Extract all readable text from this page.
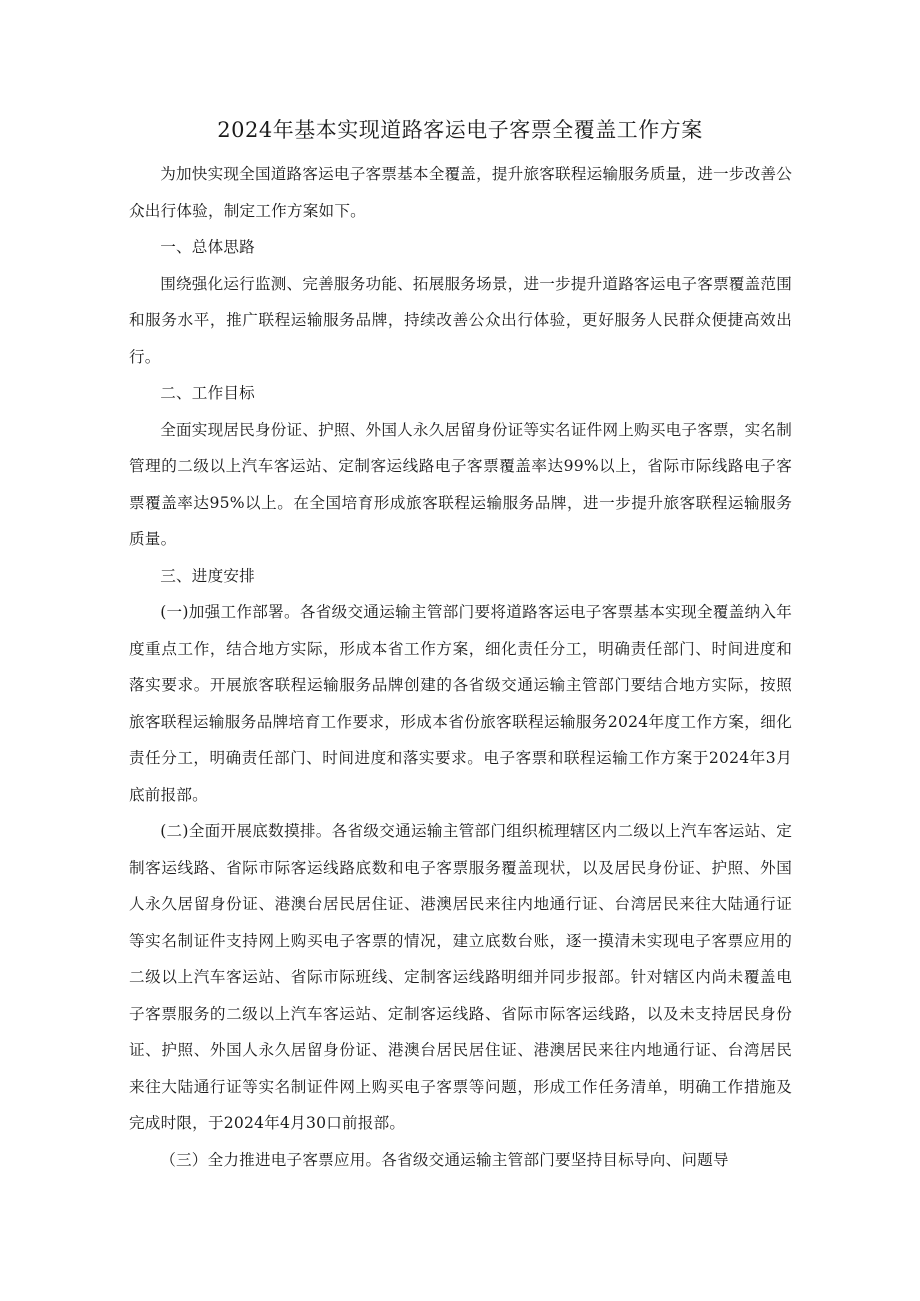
2024年基本实现道路客运电子客票全覆盖工作方案

为加快实现全国道路客运电子客票基本全覆盖，提升旅客联程运输服务质量，进一步改善公众出行体验，制定工作方案如下。

一、总体思路

围绕强化运行监测、完善服务功能、拓展服务场景，进一步提升道路客运电子客票覆盖范围和服务水平，推广联程运输服务品牌，持续改善公众出行体验，更好服务人民群众便捷高效出行。

二、工作目标

全面实现居民身份证、护照、外国人永久居留身份证等实名证件网上购买电子客票，实名制管理的二级以上汽车客运站、定制客运线路电子客票覆盖率达99%以上，省际市际线路电子客票覆盖率达95%以上。在全国培育形成旅客联程运输服务品牌，进一步提升旅客联程运输服务质量。

三、进度安排

(一)加强工作部署。各省级交通运输主管部门要将道路客运电子客票基本实现全覆盖纳入年度重点工作，结合地方实际，形成本省工作方案，细化责任分工，明确责任部门、时间进度和落实要求。开展旅客联程运输服务品牌创建的各省级交通运输主管部门要结合地方实际，按照旅客联程运输服务品牌培育工作要求，形成本省份旅客联程运输服务2024年度工作方案，细化责任分工，明确责任部门、时间进度和落实要求。电子客票和联程运输工作方案于2024年3月底前报部。

(二)全面开展底数摸排。各省级交通运输主管部门组织梳理辖区内二级以上汽车客运站、定制客运线路、省际市际客运线路底数和电子客票服务覆盖现状，以及居民身份证、护照、外国人永久居留身份证、港澳台居民居住证、港澳居民来往内地通行证、台湾居民来往大陆通行证等实名制证件支持网上购买电子客票的情况，建立底数台账，逐一摸清未实现电子客票应用的二级以上汽车客运站、省际市际班线、定制客运线路明细并同步报部。针对辖区内尚未覆盖电子客票服务的二级以上汽车客运站、定制客运线路、省际市际客运线路，以及未支持居民身份证、护照、外国人永久居留身份证、港澳台居民居住证、港澳居民来往内地通行证、台湾居民来往大陆通行证等实名制证件网上购买电子客票等问题，形成工作任务清单，明确工作措施及完成时限，于2024年4月30口前报部。

（三）全力推进电子客票应用。各省级交通运输主管部门要坚持目标导向、问题导
